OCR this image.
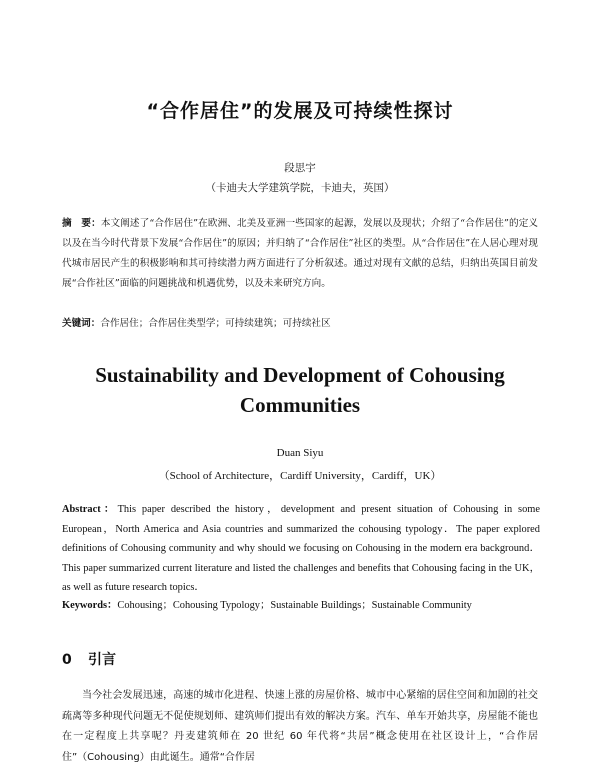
“合作居住”的发展及可持续性探讨
段思宇
（卡迪夫大学建筑学院，卡迪夫，英国）
摘　要：本文阐述了“合作居住”在欧洲、北美及亚洲一些国家的起源，发展以及现状；介绍了“合作居住”的定义以及在当今时代背景下发展“合作居住”的原因；并归纳了“合作居住”社区的类型。从“合作居住”在人居心理对现代城市居民产生的积极影响和其可持续潜力两方面进行了分析叙述。通过对现有文献的总结，归纳出英国目前发展“合作社区”面临的问题挑战和机遇优势，以及未来研究方向。
关键词：合作居住；合作居住类型学；可持续建筑；可持续社区
Sustainability and Development of Cohousing Communities
Duan Siyu
（School of Architecture，Cardiff University，Cardiff，UK）
Abstract：This paper described the history，development and present situation of Cohousing in some European，North America and Asia countries and summarized the cohousing typology．The paper explored definitions of Cohousing community and why should we focusing on Cohousing in the modern era background．This paper summarized current literature and listed the challenges and benefits that Cohousing facing in the UK，as well as future research topics．
Keywords：Cohousing；Cohousing Typology；Sustainable Buildings；Sustainable Community
0 引言
当今社会发展迅速，高速的城市化进程、快速上涨的房屋价格、城市中心紧缩的居住空间和加剧的社交疏离等多种现代问题无不促使规划师、建筑师们提出有效的解决方案。汽车、单车开始共享，房屋能不能也在一定程度上共享呢？丹麦建筑师在 20 世纪 60 年代将“共居”概念使用在社区设计上，“合作居住”（Cohousing）由此诞生。通常“合作居
